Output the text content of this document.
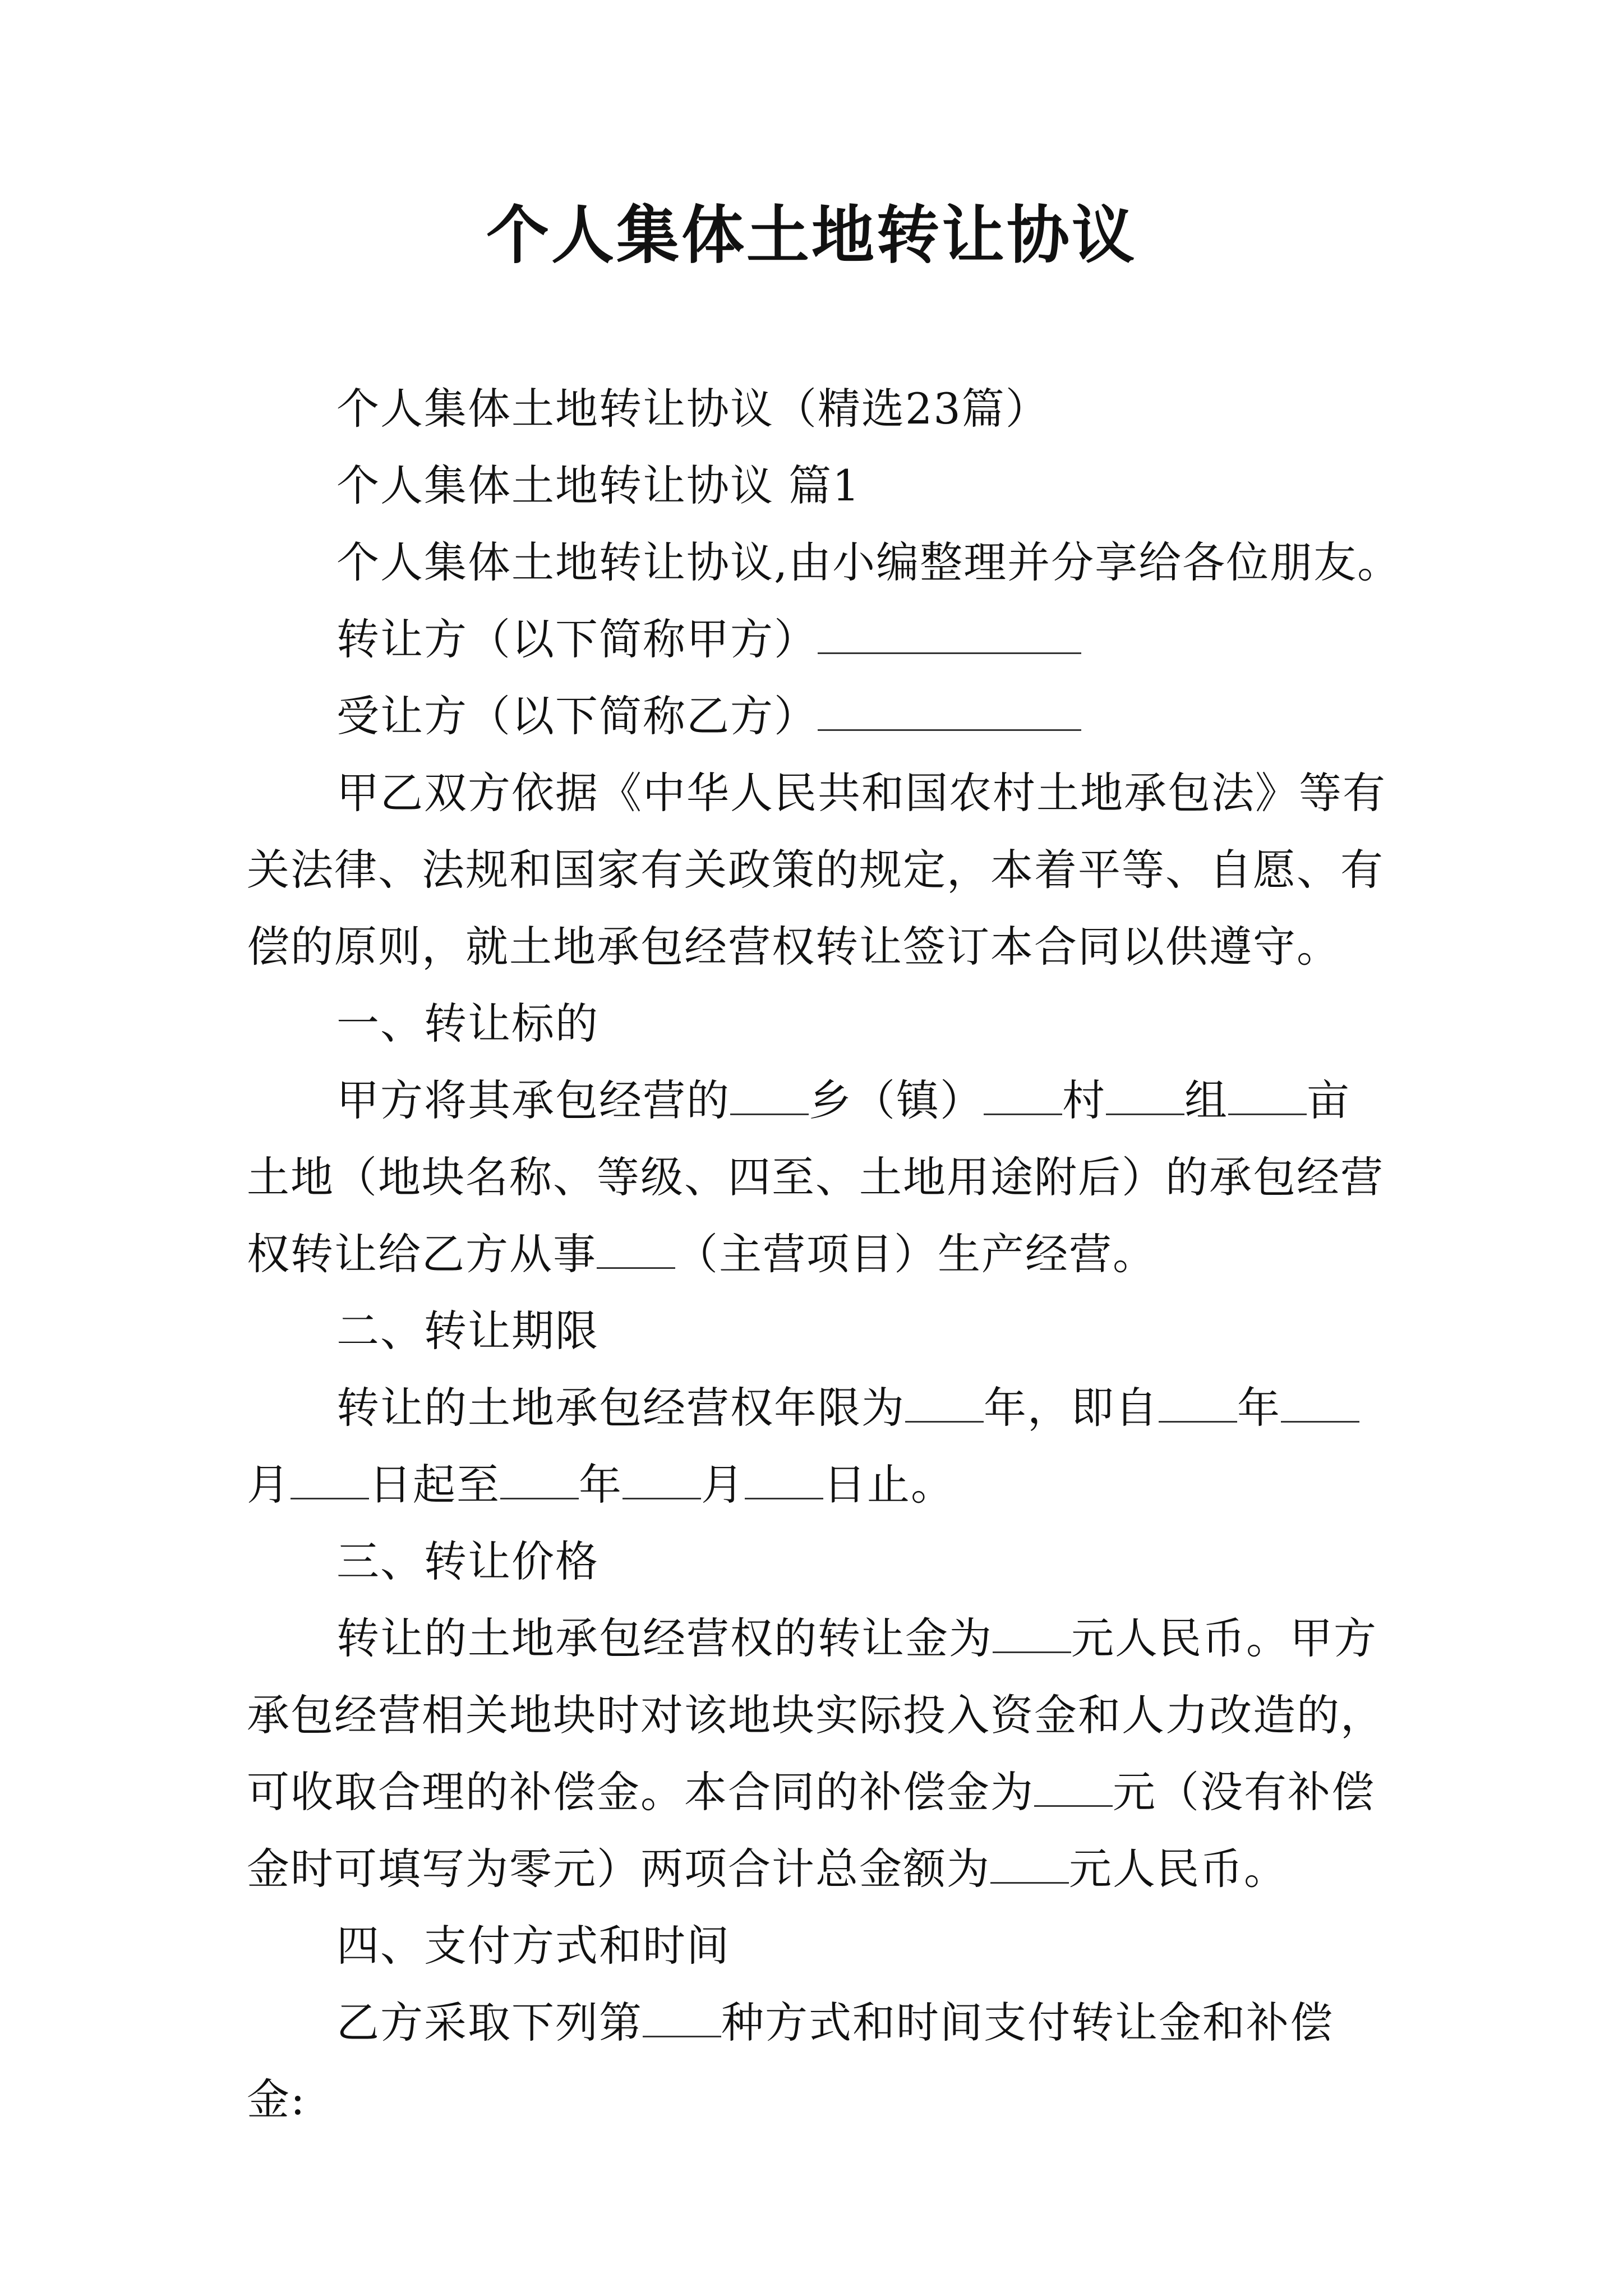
个人集体土地转让协议

个人集体土地转让协议（精选23篇）

个人集体土地转让协议 篇1

个人集体土地转让协议,由小编整理并分享给各位朋友。

转让方（以下简称甲方）

受让方（以下简称乙方）

甲乙双方依据《中华人民共和国农村土地承包法》等有关法律、法规和国家有关政策的规定，本着平等、自愿、有偿的原则，就土地承包经营权转让签订本合同以供遵守。

一、转让标的

甲方将其承包经营的 乡（镇） 村 组 亩土地（地块名称、等级、四至、土地用途附后）的承包经营权转让给乙方从事 （主营项目）生产经营。

二、转让期限

转让的土地承包经营权年限为 年，即自 年月 日起至 年 月 日止。

三、转让价格

转让的土地承包经营权的转让金为 元人民币。甲方承包经营相关地块时对该地块实际投入资金和人力改造的，可收取合理的补偿金。本合同的补偿金为 元（没有补偿金时可填写为零元）两项合计总金额为 元人民币。

四、支付方式和时间

乙方采取下列第 种方式和时间支付转让金和补偿金:
